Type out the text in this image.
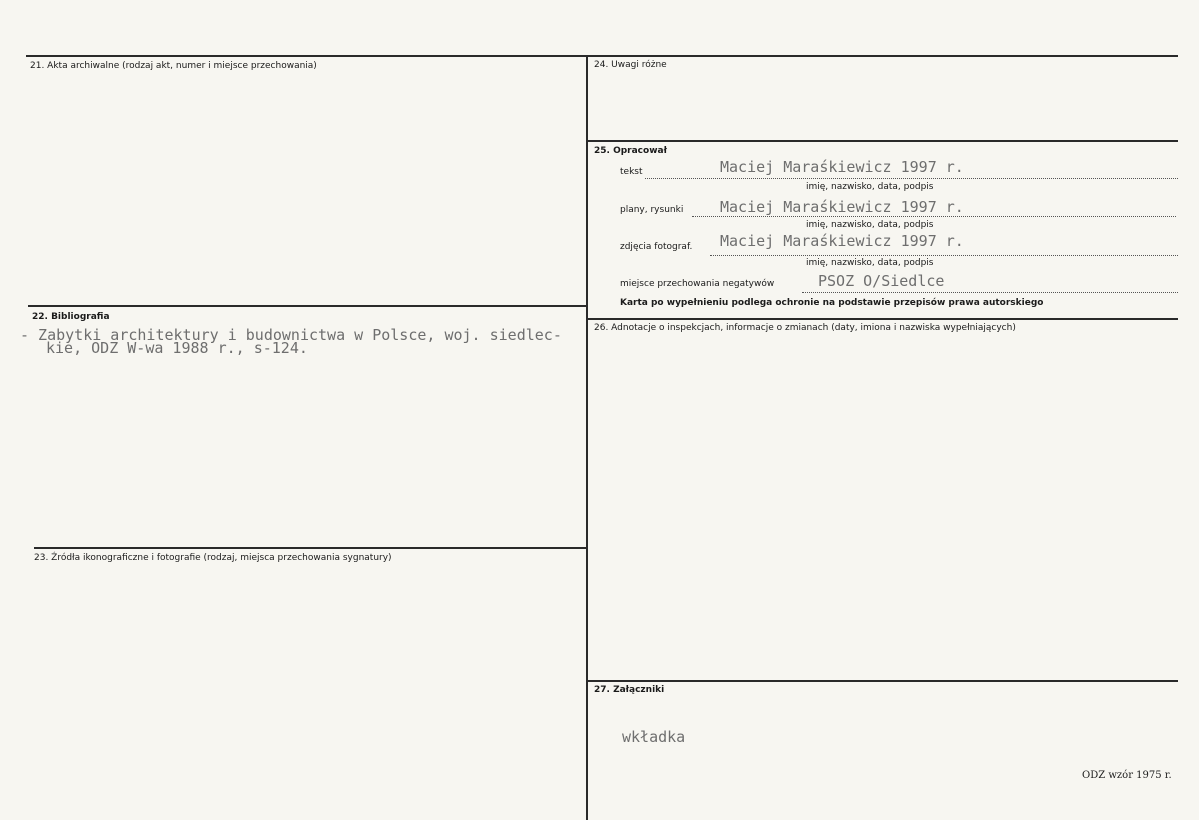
21. Akta archiwalne (rodzaj akt, numer i miejsce przechowania)
22. Bibliografia
- Zabytki architektury i budownictwa w Polsce, woj. siedlec-
kie, ODZ W-wa 1988 r., s-124.
23. Źródła ikonograficzne i fotografie (rodzaj, miejsca przechowania sygnatury)
24. Uwagi różne
25. Opracował
tekst	Maciej Maraśkiewicz 1997 r.
imię, nazwisko, data, podpis
plany, rysunki Maciej Maraśkiewicz 1997 r.
imię, nazwisko, data, podpis
zdjęcia fotograf. Maciej Maraśkiewicz 1997 r.
imię, nazwisko, data, podpis
miejsce przechowania negatywów	PSOZ O/Siedlce
Karta po wypełnieniu podlega ochronie na podstawie przepisów prawa autorskiego
26. Adnotacje o inspekcjach, informacje o zmianach (daty, imiona i nazwiska wypełniających)
27. Załączniki
wkładka
ODZ wzór 1975 r.
